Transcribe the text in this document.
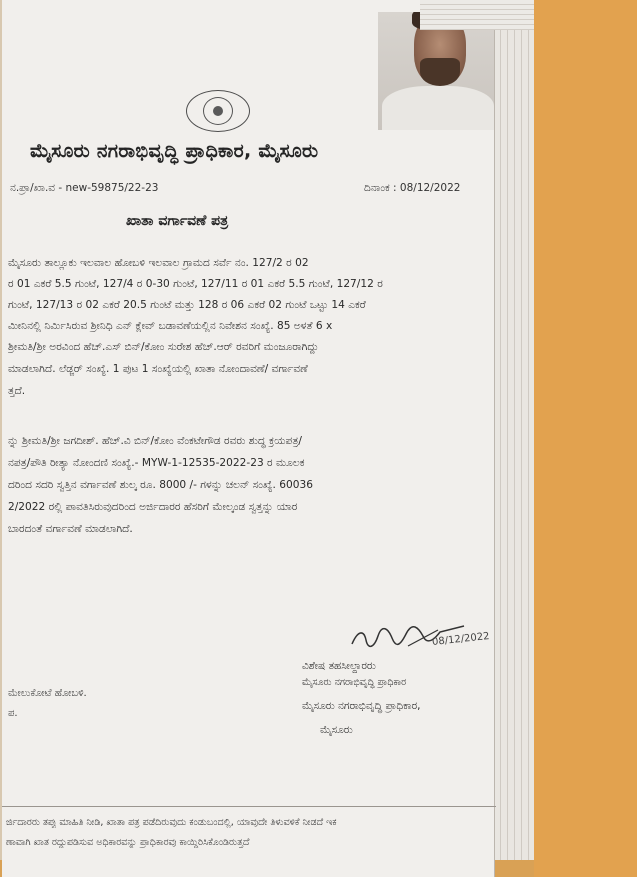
ಮೈಸೂರು ನಗರಾಭಿವೃದ್ಧಿ ಪ್ರಾಧಿಕಾರ, ಮೈಸೂರು
ನ.ಪ್ರಾ/ಖಾ.ವ - new-59875/22-23	ದಿನಾಂಕ : 08/12/2022
ಖಾತಾ ವರ್ಗಾವಣೆ ಪತ್ರ

ಮೈಸೂರು ತಾಲ್ಲೂಕು ಇಲವಾಲ ಹೋಬಳಿ ಇಲವಾಲ ಗ್ರಾಮದ ಸರ್ವೆ ನಂ. 127/2 ರ 02

ರ 01 ಎಕರೆ 5.5 ಗುಂಟೆ, 127/4 ರ 0-30 ಗುಂಟೆ, 127/11 ರ 01 ಎಕರೆ 5.5 ಗುಂಟೆ, 127/12 ರ

ಗುಂಟೆ, 127/13 ರ 02 ಎಕರೆ 20.5 ಗುಂಟೆ ಮತ್ತು 128 ರ 06 ಎಕರೆ 02 ಗುಂಟೆ ಒಟ್ಟು 14 ಎಕರೆ

ಮೀನಿನಲ್ಲಿ ನಿರ್ಮಿಸಿರುವ ಶ್ರೀನಿಧಿ ಎನ್ ಕ್ಲೇವ್ ಬಡಾವಣೆಯಲ್ಲಿನ ನಿವೇಶನ ಸಂಖ್ಯೆ. 85 ಅಳತೆ 6 x

ಶ್ರೀಮತಿ/ಶ್ರೀ ಅರವಿಂದ ಹೆಚ್.ಎಸ್ ಬಿನ್/ಕೋಂ ಸುರೇಶ ಹೆಚ್.ಆರ್ ರವರಿಗೆ ಮಂಜೂರಾಗಿದ್ದು

ಮಾಡಲಾಗಿದೆ. ಲೆಡ್ಜರ್ ಸಂಖ್ಯೆ. 1 ಪುಟ 1 ಸಂಖ್ಯೆಯಲ್ಲಿ ಖಾತಾ ನೋಂದಾವಣೆ/ ವರ್ಗಾವಣೆ

ತ್ತದೆ.

ನ್ನು ಶ್ರೀಮತಿ/ಶ್ರೀ ಜಗದೀಶ್. ಹೆಚ್.ವಿ ಬಿನ್/ಕೋಂ ವೆಂಕಟೇಗೌಡ ರವರು ಶುದ್ಧ ಕ್ರಯಪತ್ರ/

ನಪತ್ರ/ಪೌತಿ ರೀತ್ಯಾ ನೋಂದಣಿ ಸಂಖ್ಯೆ.- MYW-1-12535-2022-23 ರ ಮೂಲಕ

ದರಿಂದ ಸದರಿ ಸ್ವತ್ತಿನ ವರ್ಗಾವಣೆ ಶುಲ್ಕ ರೂ. 8000 /- ಗಳನ್ನು ಚಲನ್ ಸಂಖ್ಯೆ. 60036

2/2022 ರಲ್ಲಿ ಪಾವತಿಸಿರುವುದರಿಂದ ಅರ್ಜಿದಾರರ ಹೆಸರಿಗೆ ಮೇಲ್ಕಂಡ ಸ್ವತ್ತನ್ನು ಯಾರ

ಬಾರದಂತೆ ವರ್ಗಾವಣೆ ಮಾಡಲಾಗಿದೆ.

08/12/2022
ವಿಶೇಷ ತಹಸೀಲ್ದಾರರು
ಮೈಸೂರು ನಗರಾಭಿವೃದ್ಧಿ ಪ್ರಾಧಿಕಾರ
ಮೈಸೂರು ನಗರಾಭಿವೃದ್ಧಿ ಪ್ರಾಧಿಕಾರ,
ಮೈಸೂರು
ಮೇಲುಕೋಟೆ ಹೋಬಳಿ.
ಪ.
ರ್ಜಿದಾರರು ತಪ್ಪು ಮಾಹಿತಿ ನೀಡಿ, ಖಾತಾ ಪತ್ರ ಪಡೆದಿರುವುದು ಕಂಡುಬಂದಲ್ಲಿ, ಯಾವುದೇ ತಿಳುವಳಿಕೆ ನೀಡದೆ ಇಕ
ಣಾವಾಗಿ ಖಾತ ರದ್ದುಪಡಿಸುವ ಅಧಿಕಾರವನ್ನು ಪ್ರಾಧಿಕಾರವು ಕಾಯ್ದಿರಿಸಿಕೊಂಡಿರುತ್ತದೆ
